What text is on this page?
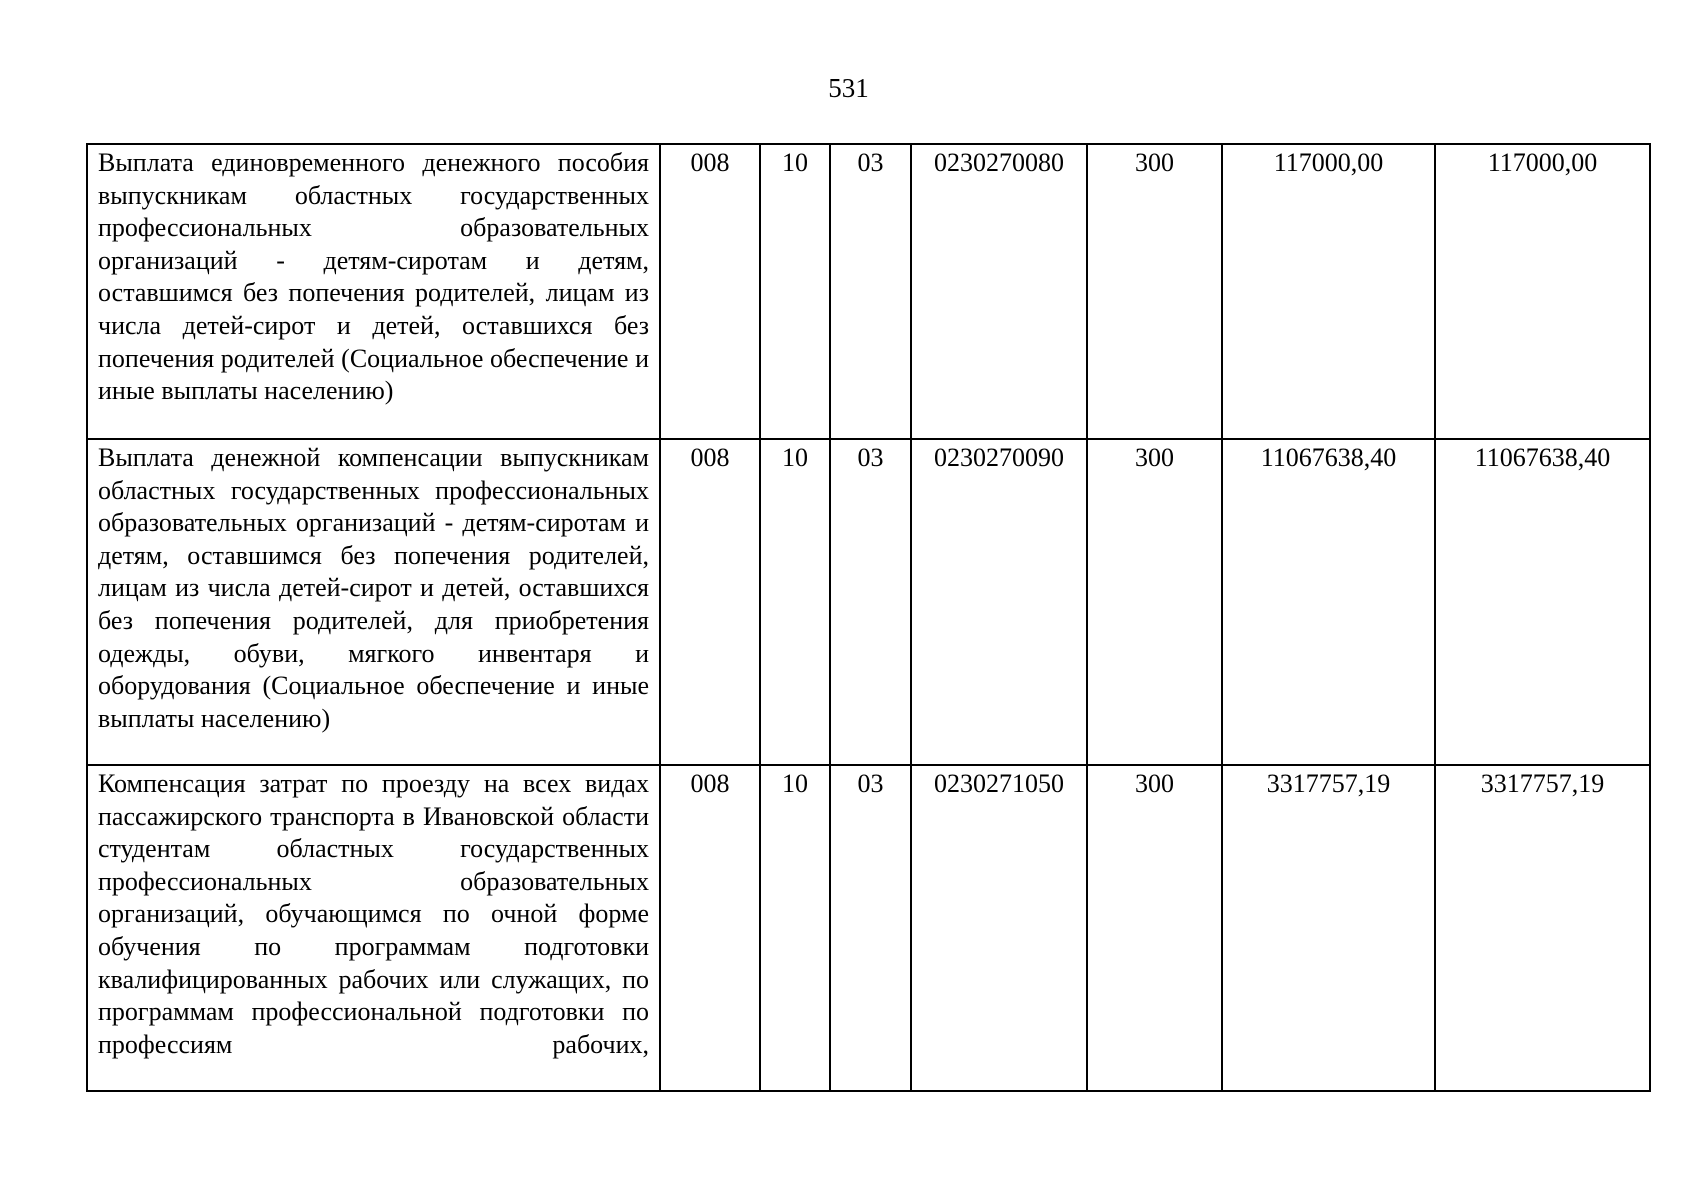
531
Выплата единовременного денежного пособия выпускникам областных государственных профессиональных образовательных организаций - детям-сиротам и детям, оставшимся без попечения родителей, лицам из числа детей-сирот и детей, оставшихся без попечения родителей (Социальное обеспечение и иные выплаты населению)	008	10	03	0230270080	300	117000,00	117000,00
Выплата денежной компенсации выпускникам областных государственных профессиональных образовательных организаций - детям-сиротам и детям, оставшимся без попечения родителей, лицам из числа детей-сирот и детей, оставшихся без попечения родителей, для приобретения одежды, обуви, мягкого инвентаря и оборудования (Социальное обеспечение и иные выплаты населению)	008	10	03	0230270090	300	11067638,40	11067638,40
Компенсация затрат по проезду на всех видах пассажирского транспорта в Ивановской области студентам областных государственных профессиональных образовательных организаций, обучающимся по очной форме обучения по программам подготовки квалифицированных рабочих или служащих, по программам профессиональной подготовки по профессиям рабочих,	008	10	03	0230271050	300	3317757,19	3317757,19
